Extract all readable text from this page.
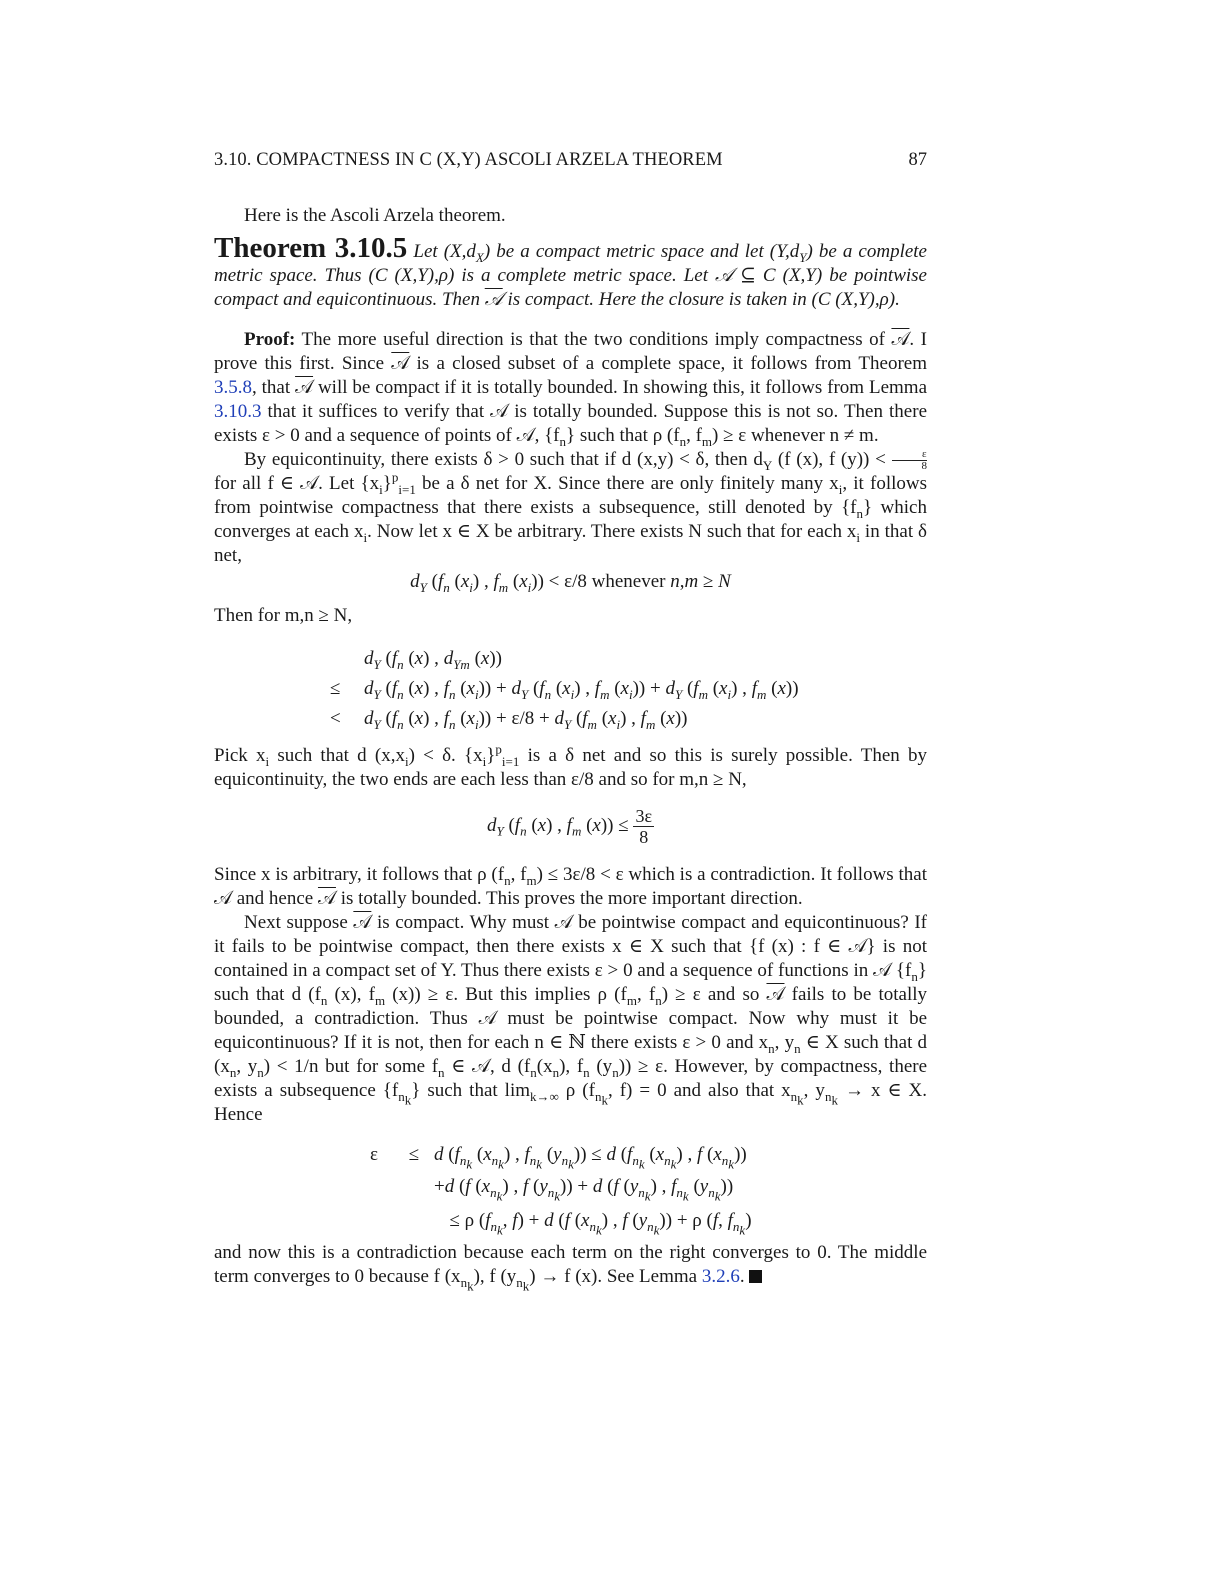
3.10. COMPACTNESS IN C (X,Y) ASCOLI ARZELA THEOREM	87

Here is the Ascoli Arzela theorem.

Theorem 3.10.5 Let $(X,d_X)$ be a compact metric space and let $(Y,d_Y)$ be a complete metric space. Thus (C (X,Y),ρ) is a complete metric space. Let 𝒜 ⊆ C (X,Y) be pointwise compact and equicontinuous. Then 𝒜 is compact. Here the closure is taken in (C (X,Y),ρ).

Proof: The more useful direction is that the two conditions imply compactness of 𝒜. I prove this first. Since 𝒜 is a closed subset of a complete space, it follows from Theorem 3.5.8, that 𝒜 will be compact if it is totally bounded. In showing this, it follows from Lemma 3.10.3 that it suffices to verify that 𝒜 is totally bounded. Suppose this is not so. Then there exists ε > 0 and a sequence of points of 𝒜, $\{f_n\}$ such that ρ ($f_n$, $f_m) \ge \varepsilon$ whenever n ≠ m.

By equicontinuity, there exists δ > 0 such that if d (x,y) < δ, then $d_Y$ (f (x), f $(y)) < \frac{\varepsilon}{8}$
for all f ∈ 𝒜. Let $\{x_i\}^p_{i=1}$ be a δ net for X. Since there are only finitely many $x_i$, it follows from pointwise compactness that there exists a subsequence, still denoted by $\{f_n\}$ which converges at each $x_i$. Now let x ∈ X be arbitrary. There exists N such that for each $x_i$ in that δ net,

$d_Y$ ($f_n$ $(x_i)$ , $f_m$ $(x_i)) < \varepsilon/8$ whenever n,m ≥ N

Then for m,n ≥ N,

	$d_Y$ ($f_n$ (x) , $d_{Ym}$ (x))
≤	$d_Y$ ($f_n$ (x) , $f_n$ $(x_i)) + d_Y$ ($f_n$ $(x_i)$ , $f_m$ $(x_i)) + d_Y$ ($f_m$ $(x_i)$ , $f_m$ (x))
<	$d_Y$ ($f_n$ (x) , $f_n$ $(x_i)) + \varepsilon/8 + d_Y$ ($f_m$ $(x_i)$ , $f_m$ (x))

Pick $x_i$ such that d $(x,x_i) < \delta$. $\{x_i\}^p_{i=1}$ is a δ net and so this is surely possible. Then by equicontinuity, the two ends are each less than ε/8 and so for m,n ≥ N,

$d_Y$ ($f_n$ (x) , $f_m$ $(x)) \le \frac{3\varepsilon}{8}$

Since x is arbitrary, it follows that ρ ($f_n$, $f_m) \le 3\varepsilon/8 < \varepsilon$ which is a contradiction. It follows that 𝒜 and hence 𝒜 is totally bounded. This proves the more important direction.

Next suppose 𝒜 is compact. Why must 𝒜 be pointwise compact and equicontinuous? If it fails to be pointwise compact, then there exists x ∈ X such that {f (x) : f ∈ 𝒜} is not contained in a compact set of Y. Thus there exists ε > 0 and a sequence of functions in 𝒜 $\{f_n\}$ such that d ($f_n$ (x), $f_m$ (x)) ≥ ε. But this implies ρ ($f_m$, $f_n) \ge \varepsilon$ and so 𝒜 fails to be totally bounded, a contradiction. Thus 𝒜 must be pointwise compact. Now why must it be equicontinuous? If it is not, then for each n ∈ ℕ there exists ε > 0 and $x_n$, $y_n$ ∈ X such that d ($x_n$, $y_n) < 1/n$ but for some $f_n$ ∈ 𝒜, d ($f_n(x_n)$, $f_n$ $(y_n)) \ge \varepsilon$. However, by compactness, there exists a subsequence $\{f_{n_k}\}$ such that $\lim_{k\to\infty} \rho$ ($f_{n_k}$, f) = 0 and also that $x_{n_k}$, $y_{n_k} \to x$ ∈ X. Hence

ε	≤	d ($f_{n_k}$ $(x_{n_k})$ , $f_{n_k}$ $(y_{n_k})) \le d$ ($f_{n_k}$ $(x_{n_k})$ , f $(x_{n_k})$)
		+d (f $(x_{n_k})$ , f $(y_{n_k})) + d$ (f $(y_{n_k})$ , $f_{n_k}$ $(y_{n_k})$)

≤ ρ ($f_{n_k}$, f) + d (f $(x_{n_k})$ , f $(y_{n_k})) + \rho$ (f, $f_{n_k}$)

and now this is a contradiction because each term on the right converges to 0. The middle term converges to 0 because f $(x_{n_k})$, f $(y_{n_k}) \to f$ (x). See Lemma 3.2.6.
